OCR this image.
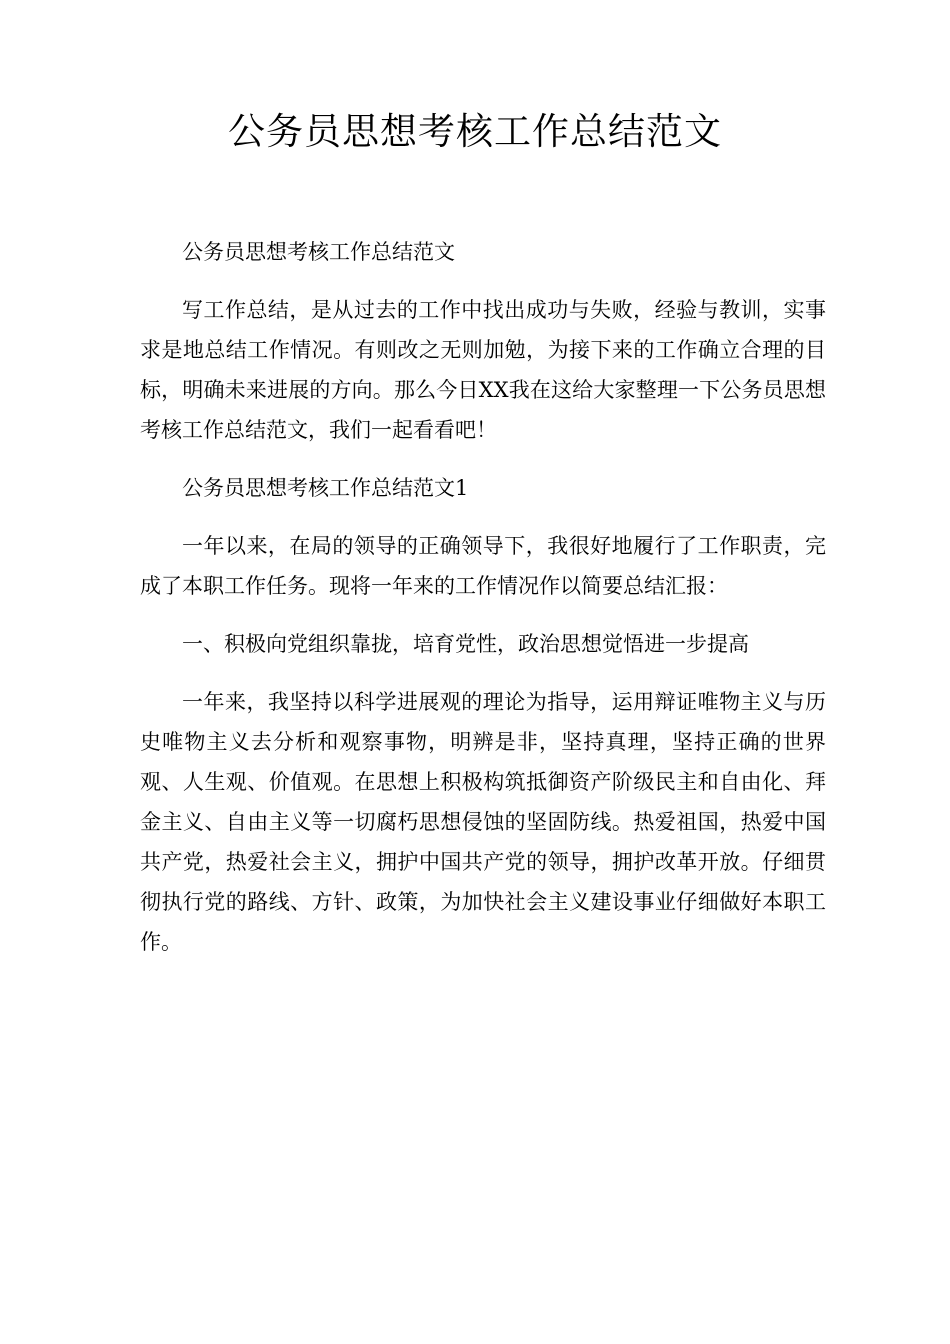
公务员思想考核工作总结范文

公务员思想考核工作总结范文

写工作总结，是从过去的工作中找出成功与失败，经验与教训，实事求是地总结工作情况。有则改之无则加勉，为接下来的工作确立合理的目标，明确未来进展的方向。那么今日XX我在这给大家整理一下公务员思想考核工作总结范文，我们一起看看吧！

公务员思想考核工作总结范文1

一年以来，在局的领导的正确领导下，我很好地履行了工作职责，完成了本职工作任务。现将一年来的工作情况作以简要总结汇报：

一、积极向党组织靠拢，培育党性，政治思想觉悟进一步提高

一年来，我坚持以科学进展观的理论为指导，运用辩证唯物主义与历史唯物主义去分析和观察事物，明辨是非，坚持真理，坚持正确的世界观、人生观、价值观。在思想上积极构筑抵御资产阶级民主和自由化、拜金主义、自由主义等一切腐朽思想侵蚀的坚固防线。热爱祖国，热爱中国共产党，热爱社会主义，拥护中国共产党的领导，拥护改革开放。仔细贯彻执行党的路线、方针、政策，为加快社会主义建设事业仔细做好本职工作。
